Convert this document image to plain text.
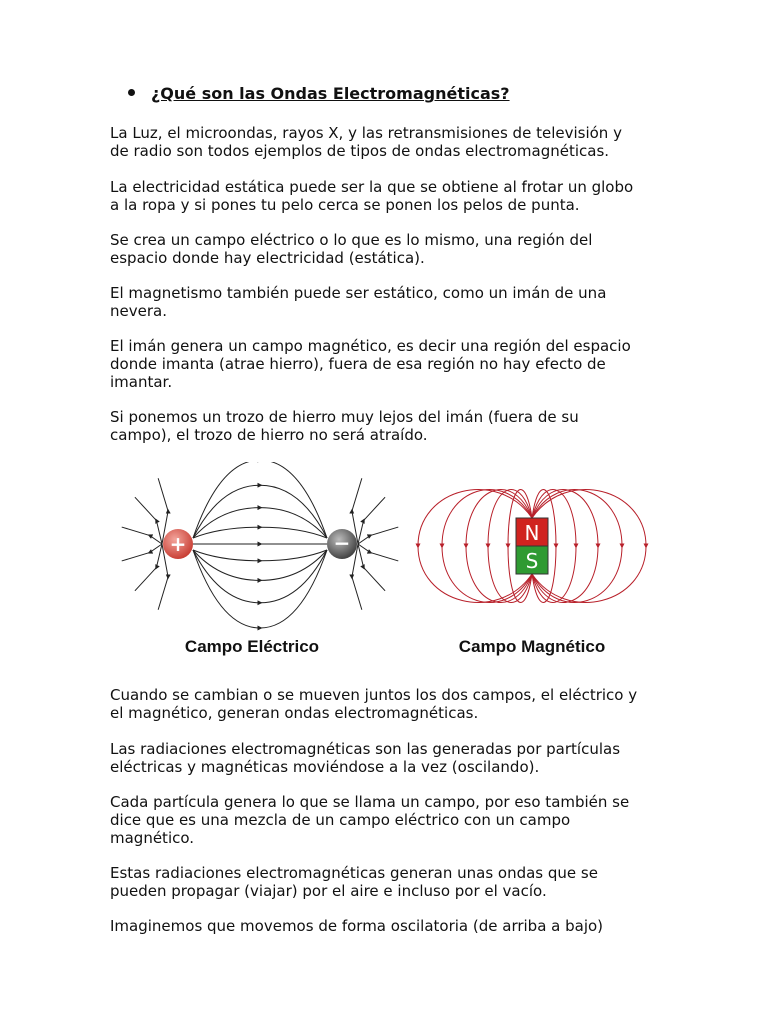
¿Qué son las Ondas Electromagnéticas?

La Luz, el microondas, rayos X, y las retransmisiones de televisión y
de radio son todos ejemplos de tipos de ondas electromagnéticas.

La electricidad estática puede ser la que se obtiene al frotar un globo
a la ropa y si pones tu pelo cerca se ponen los pelos de punta.

Se crea un campo eléctrico o lo que es lo mismo, una región del
espacio donde hay electricidad (estática).

El magnetismo también puede ser estático, como un imán de una
nevera.

El imán genera un campo magnético, es decir una región del espacio
donde imanta (atrae hierro), fuera de esa región no hay efecto de
imantar.

Si ponemos un trozo de hierro muy lejos del imán (fuera de su
campo), el trozo de hierro no será atraído.

+	−
Campo Eléctrico
N
S
Campo Magnético

Cuando se cambian o se mueven juntos los dos campos, el eléctrico y
el magnético, generan ondas electromagnéticas.

Las radiaciones electromagnéticas son las generadas por partículas
eléctricas y magnéticas moviéndose a la vez (oscilando).

Cada partícula genera lo que se llama un campo, por eso también se
dice que es una mezcla de un campo eléctrico con un campo
magnético.

Estas radiaciones electromagnéticas generan unas ondas que se
pueden propagar (viajar) por el aire e incluso por el vacío.

Imaginemos que movemos de forma oscilatoria (de arriba a bajo)
